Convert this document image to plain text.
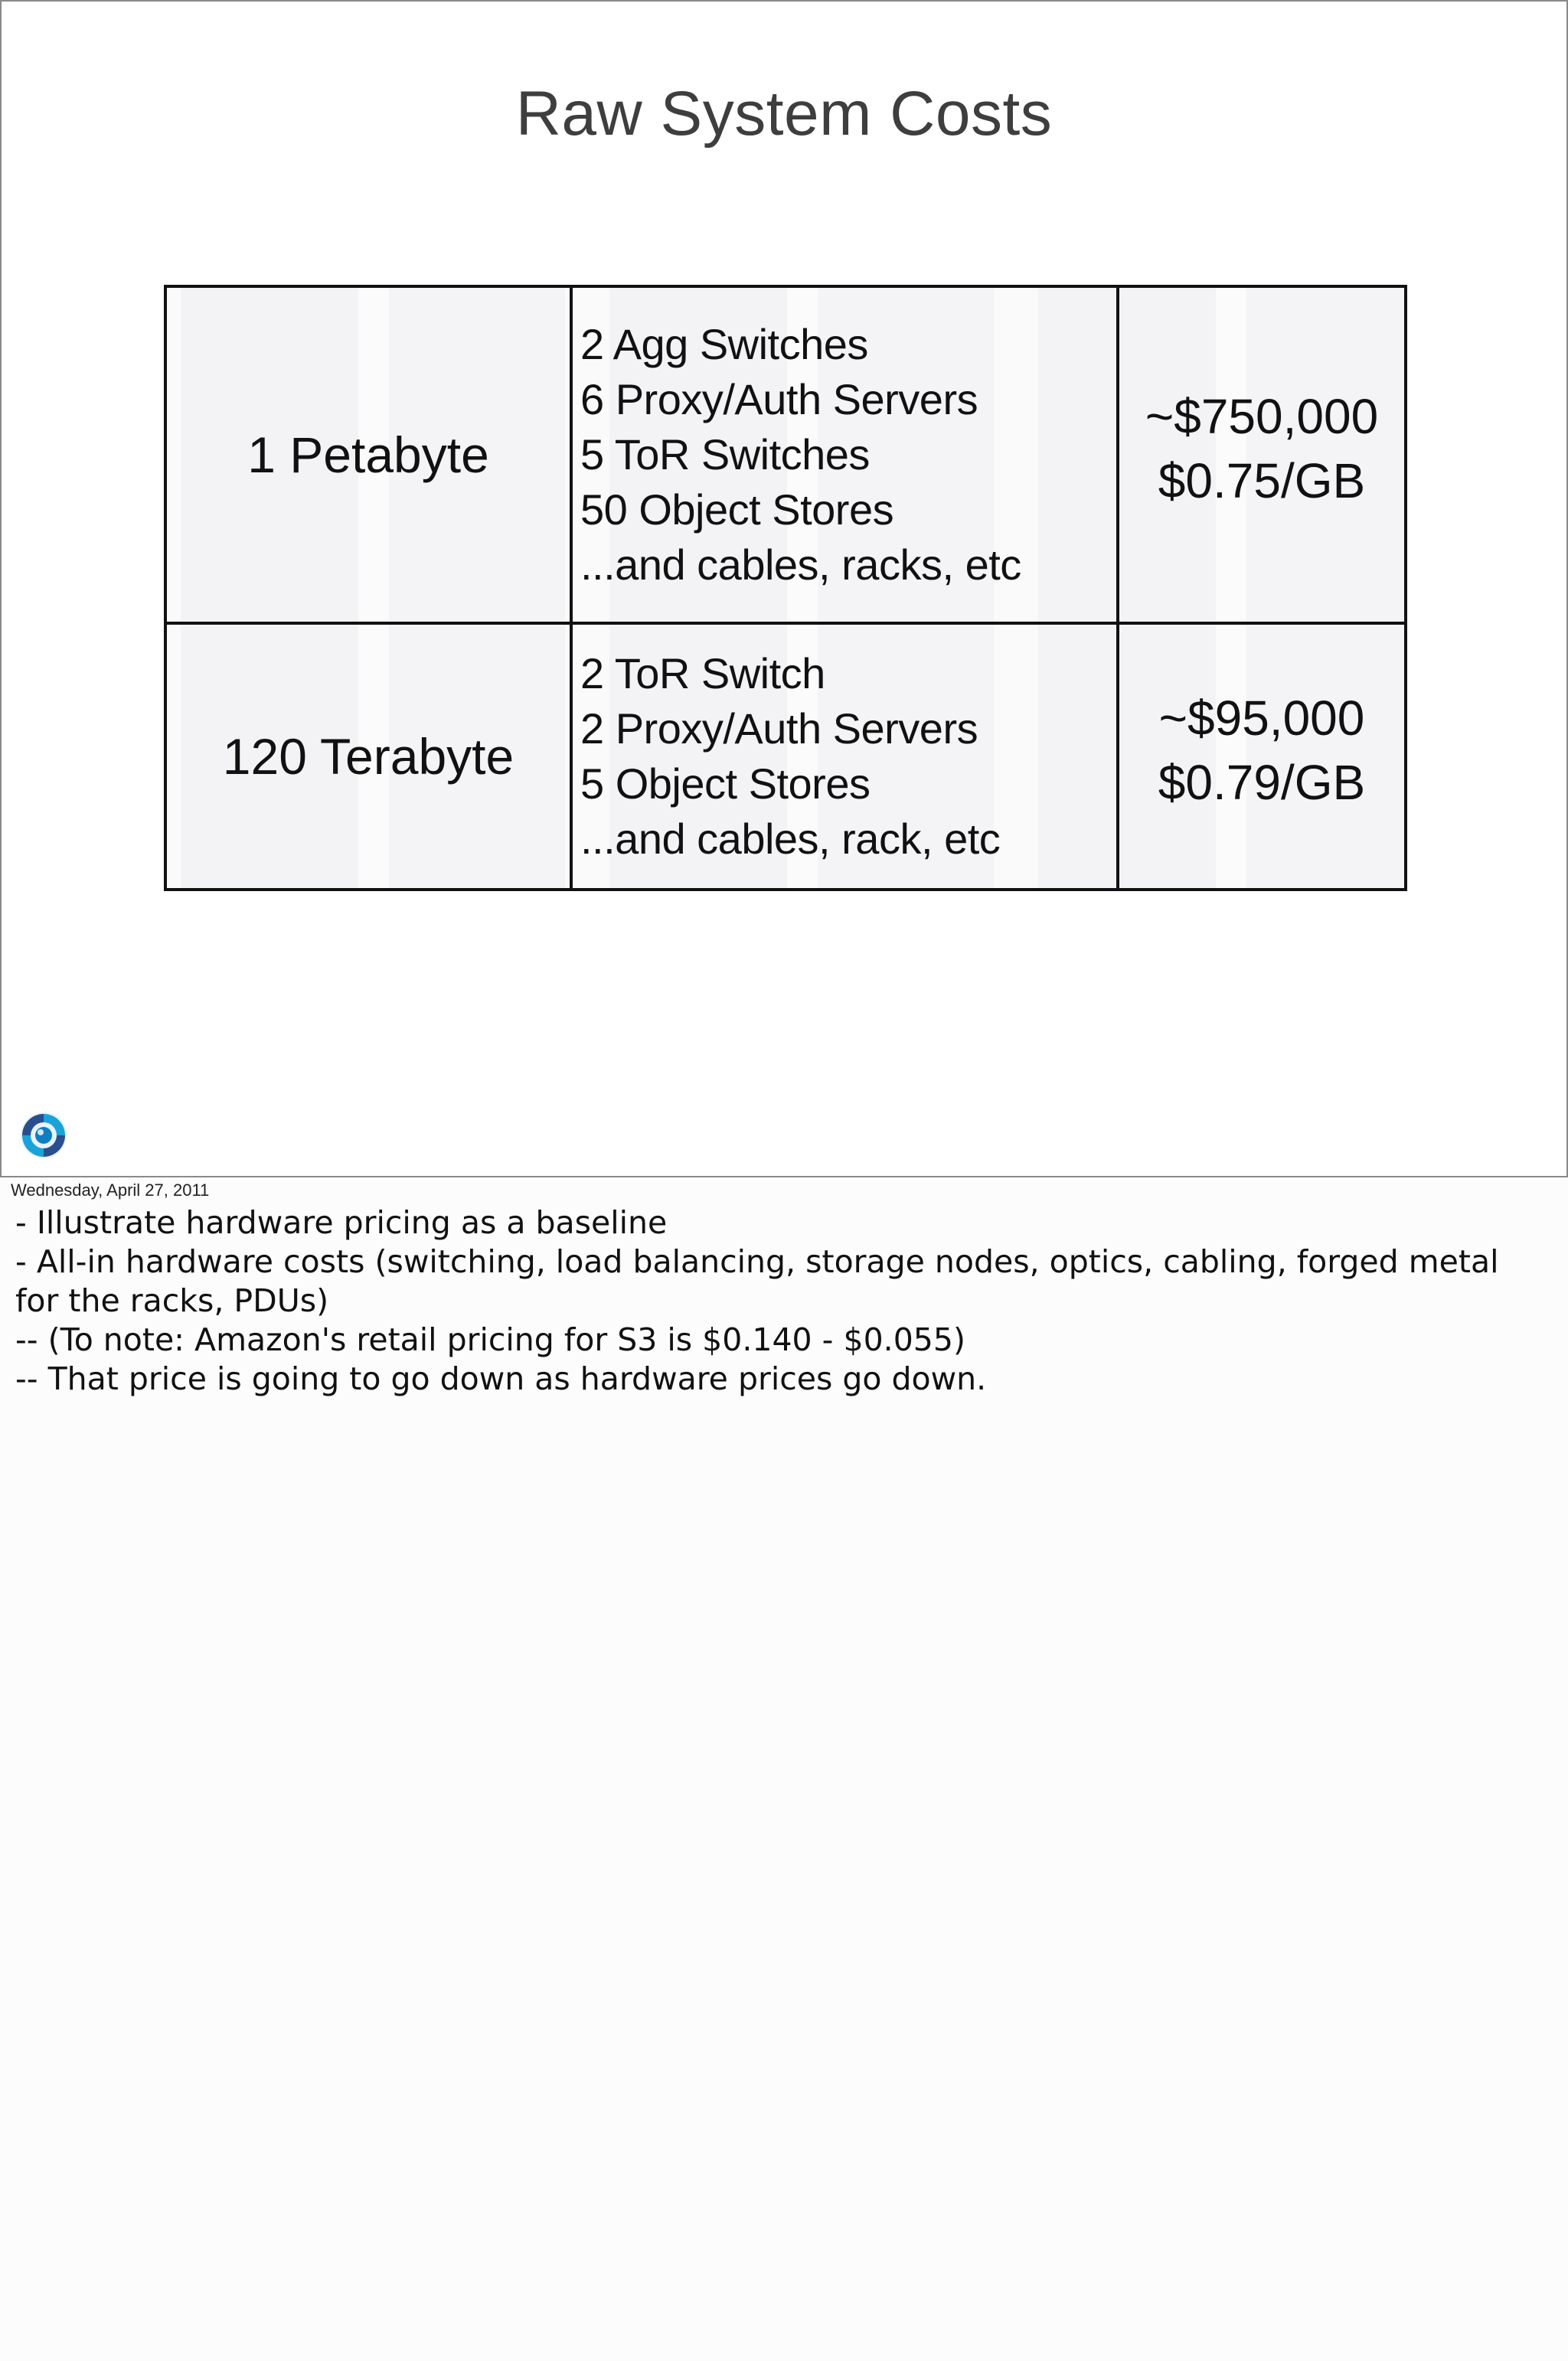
Raw System Costs
1 Petabyte
2 Agg Switches
6 Proxy/Auth Servers
5 ToR Switches
50 Object Stores
...and cables, racks, etc
~$750,000
$0.75/GB
120 Terabyte
2 ToR Switch
2 Proxy/Auth Servers
5 Object Stores
...and cables, rack, etc
~$95,000
$0.79/GB
Wednesday, April 27, 2011
- Illustrate hardware pricing as a baseline
- All-in hardware costs (switching, load balancing, storage nodes, optics, cabling, forged metal for the racks, PDUs)
-- (To note: Amazon's retail pricing for S3 is $0.140 - $0.055)
-- That price is going to go down as hardware prices go down.
